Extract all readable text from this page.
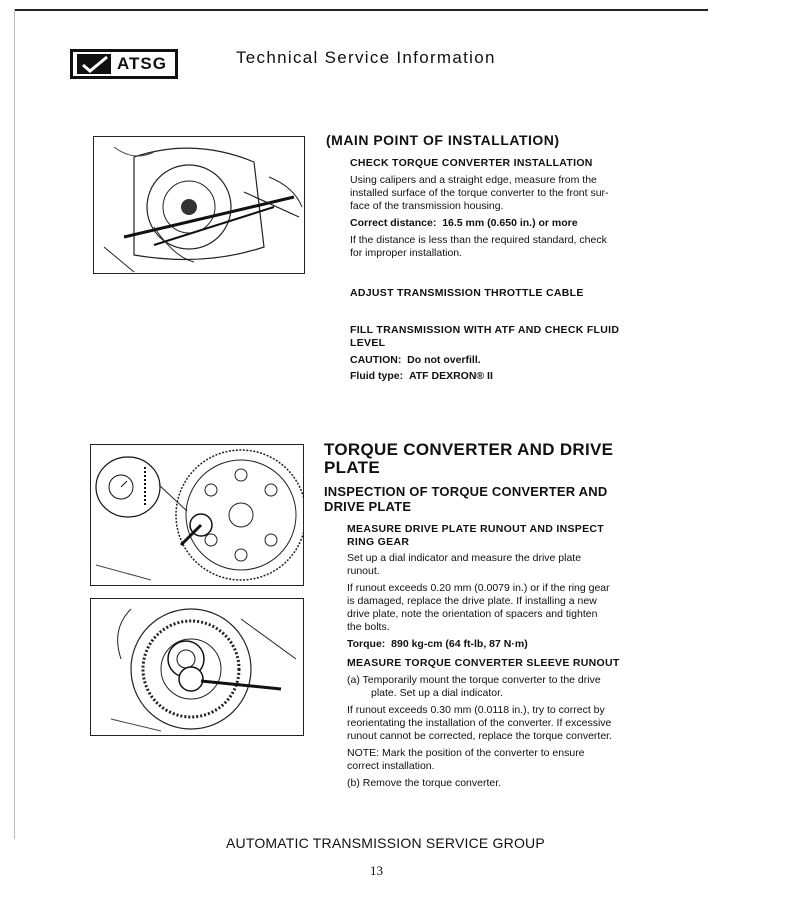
ATSG	Technical Service Information
(MAIN POINT OF INSTALLATION)

CHECK TORQUE CONVERTER INSTALLATION

Using calipers and a straight edge, measure from the

installed surface of the torque converter to the front sur-

face of the transmission housing.

Correct distance: 16.5 mm (0.650 in.) or more

If the distance is less than the required standard, check

for improper installation.

ADJUST TRANSMISSION THROTTLE CABLE

FILL TRANSMISSION WITH ATF AND CHECK FLUID

LEVEL

CAUTION: Do not overfill.

Fluid type: ATF DEXRON® II

TORQUE CONVERTER AND DRIVE

PLATE

INSPECTION OF TORQUE CONVERTER AND

DRIVE PLATE

MEASURE DRIVE PLATE RUNOUT AND INSPECT

RING GEAR

Set up a dial indicator and measure the drive plate

runout.

If runout exceeds 0.20 mm (0.0079 in.) or if the ring gear

is damaged, replace the drive plate. If installing a new

drive plate, note the orientation of spacers and tighten

the bolts.

Torque: 890 kg-cm (64 ft-lb, 87 N·m)

MEASURE TORQUE CONVERTER SLEEVE RUNOUT

(a) Temporarily mount the torque converter to the drive

plate. Set up a dial indicator.

If runout exceeds 0.30 mm (0.0118 in.), try to correct by

reorientating the installation of the converter. If excessive

runout cannot be corrected, replace the torque converter.

NOTE: Mark the position of the converter to ensure

correct installation.

(b) Remove the torque converter.

AUTOMATIC TRANSMISSION SERVICE GROUP
13
